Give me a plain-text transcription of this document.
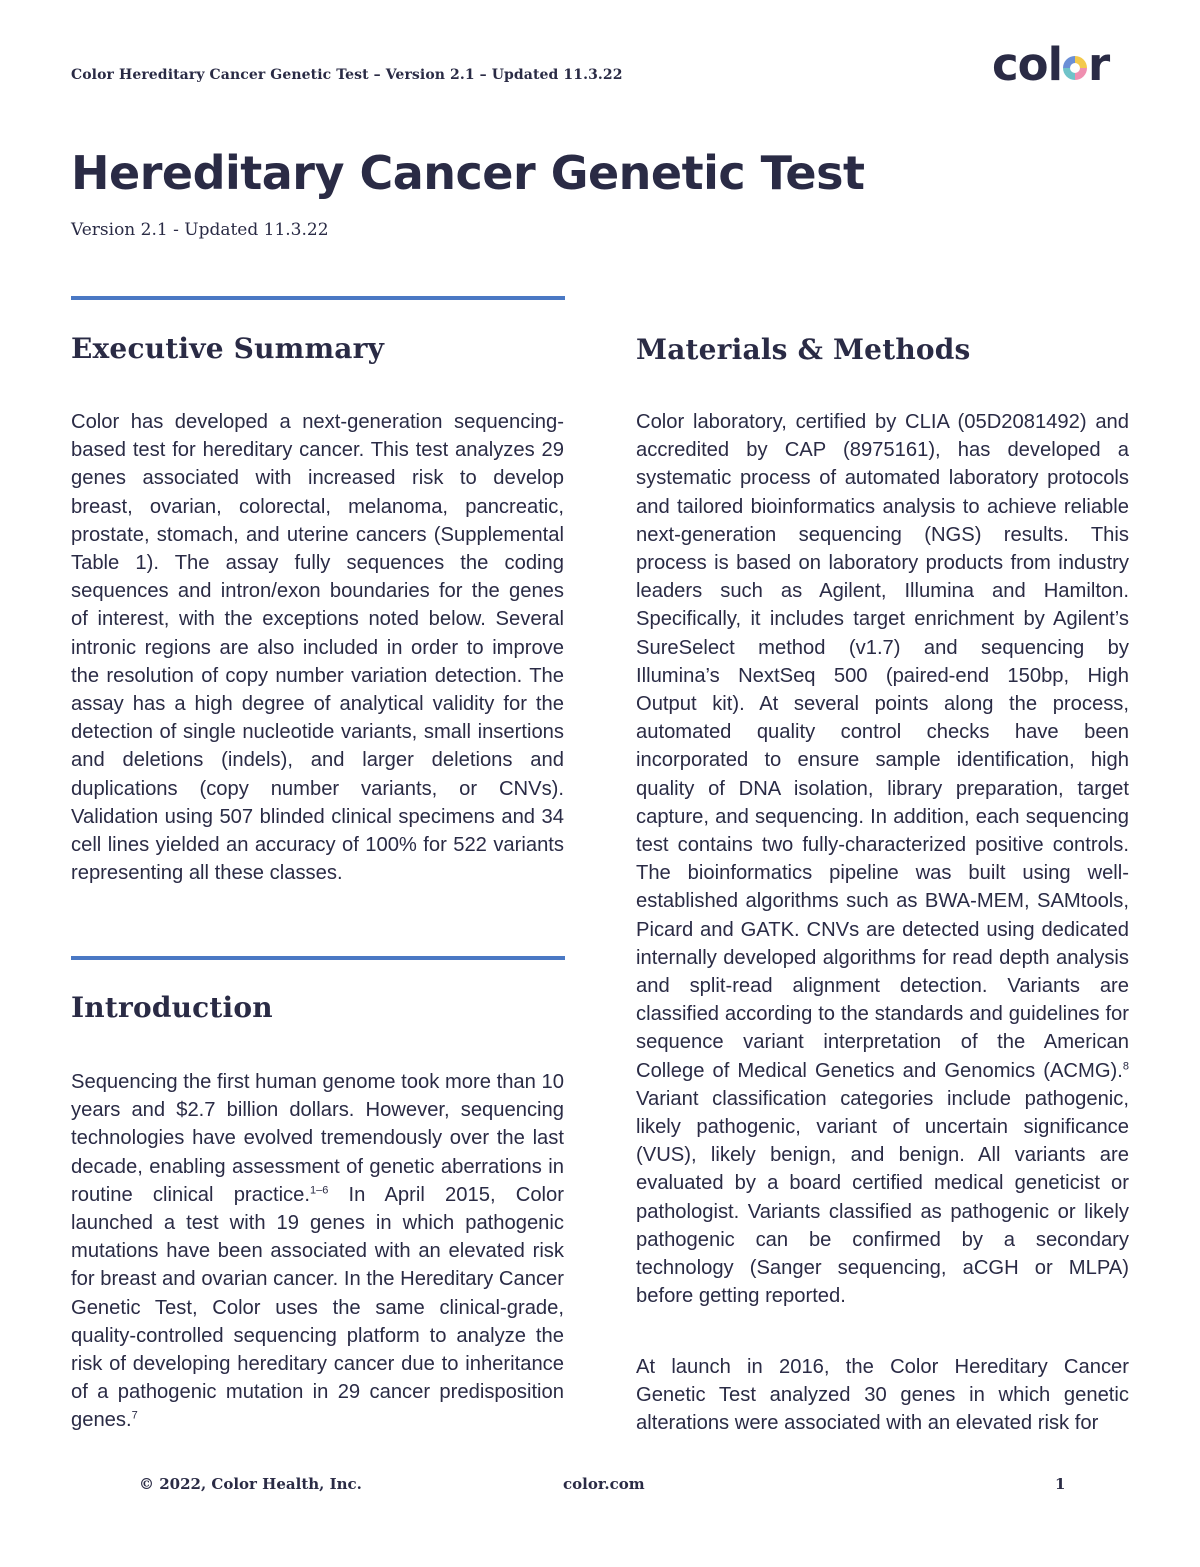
Color Hereditary Cancer Genetic Test – Version 2.1 – Updated 11.3.22	col r
Hereditary Cancer Genetic Test
Version 2.1 - Updated 11.3.22
Executive Summary

Color has developed a next-generation sequencing-based test for hereditary cancer. This test analyzes 29 genes associated with increased risk to develop breast, ovarian, colorectal, melanoma, pancreatic, prostate, stomach, and uterine cancers (Supplemental Table 1). The assay fully sequences the coding sequences and intron/exon boundaries for the genes of interest, with the exceptions noted below. Several intronic regions are also included in order to improve the resolution of copy number variation detection. The assay has a high degree of analytical validity for the detection of single nucleotide variants, small insertions and deletions (indels), and larger deletions and duplications (copy number variants, or CNVs). Validation using 507 blinded clinical specimens and 34 cell lines yielded an accuracy of 100% for 522 variants representing all these classes.

Introduction

Sequencing the first human genome took more than 10 years and $2.7 billion dollars. However, sequencing technologies have evolved tremendously over the last decade, enabling assessment of genetic aberrations in routine clinical practice.$^{1-6}$ In April 2015, Color launched a test with 19 genes in which pathogenic mutations have been associated with an elevated risk for breast and ovarian cancer. In the Hereditary Cancer Genetic Test, Color uses the same clinical-grade, quality-controlled sequencing platform to analyze the risk of developing hereditary cancer due to inheritance of a pathogenic mutation in 29 cancer predisposition genes.$^7$

Materials & Methods

Color laboratory, certified by CLIA (05D2081492) and accredited by CAP (8975161), has developed a systematic process of automated laboratory protocols and tailored bioinformatics analysis to achieve reliable next-generation sequencing (NGS) results. This process is based on laboratory products from industry leaders such as Agilent, Illumina and Hamilton. Specifically, it includes target enrichment by Agilent’s SureSelect method (v1.7) and sequencing by Illumina’s NextSeq 500 (paired-end 150bp, High Output kit). At several points along the process, automated quality control checks have been incorporated to ensure sample identification, high quality of DNA isolation, library preparation, target capture, and sequencing. In addition, each sequencing test contains two fully-characterized positive controls. The bioinformatics pipeline was built using well-established algorithms such as BWA-MEM, SAMtools, Picard and GATK. CNVs are detected using dedicated internally developed algorithms for read depth analysis and split-read alignment detection. Variants are classified according to the standards and guidelines for sequence variant interpretation of the American College of Medical Genetics and Genomics (ACMG).$^8$ Variant classification categories include pathogenic, likely pathogenic, variant of uncertain significance (VUS), likely benign, and benign. All variants are evaluated by a board certified medical geneticist or pathologist. Variants classified as pathogenic or likely pathogenic can be confirmed by a secondary technology (Sanger sequencing, aCGH or MLPA) before getting reported.

At launch in 2016, the Color Hereditary Cancer Genetic Test analyzed 30 genes in which genetic alterations were associated with an elevated risk for

© 2022, Color Health, Inc.	color.com	1
